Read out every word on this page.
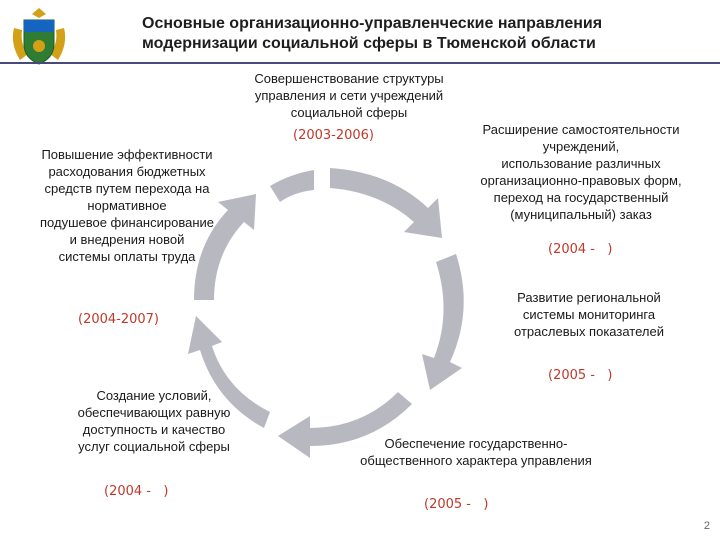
Основные организационно-управленческие направления
модернизации социальной сферы в Тюменской области
Совершенствование структуры
управления и сети учреждений
социальной сферы
(2003-2006)	Расширение самостоятельности
учреждений,
использование различных
организационно-правовых форм,
переход на государственный
(муниципальный) заказ
(2004 -   )
Развитие региональной
системы мониторинга
отраслевых показателей
(2005 -   )
Обеспечение государственно-
общественного характера управления
(2005 -   )
Создание условий,
обеспечивающих равную
доступность и качество
услуг социальной сферы
(2004 -   )
Повышение эффективности
расходования бюджетных
средств путем перехода на
нормативное
подушевое финансирование
и внедрения новой
системы оплаты труда
(2004-2007)
2
